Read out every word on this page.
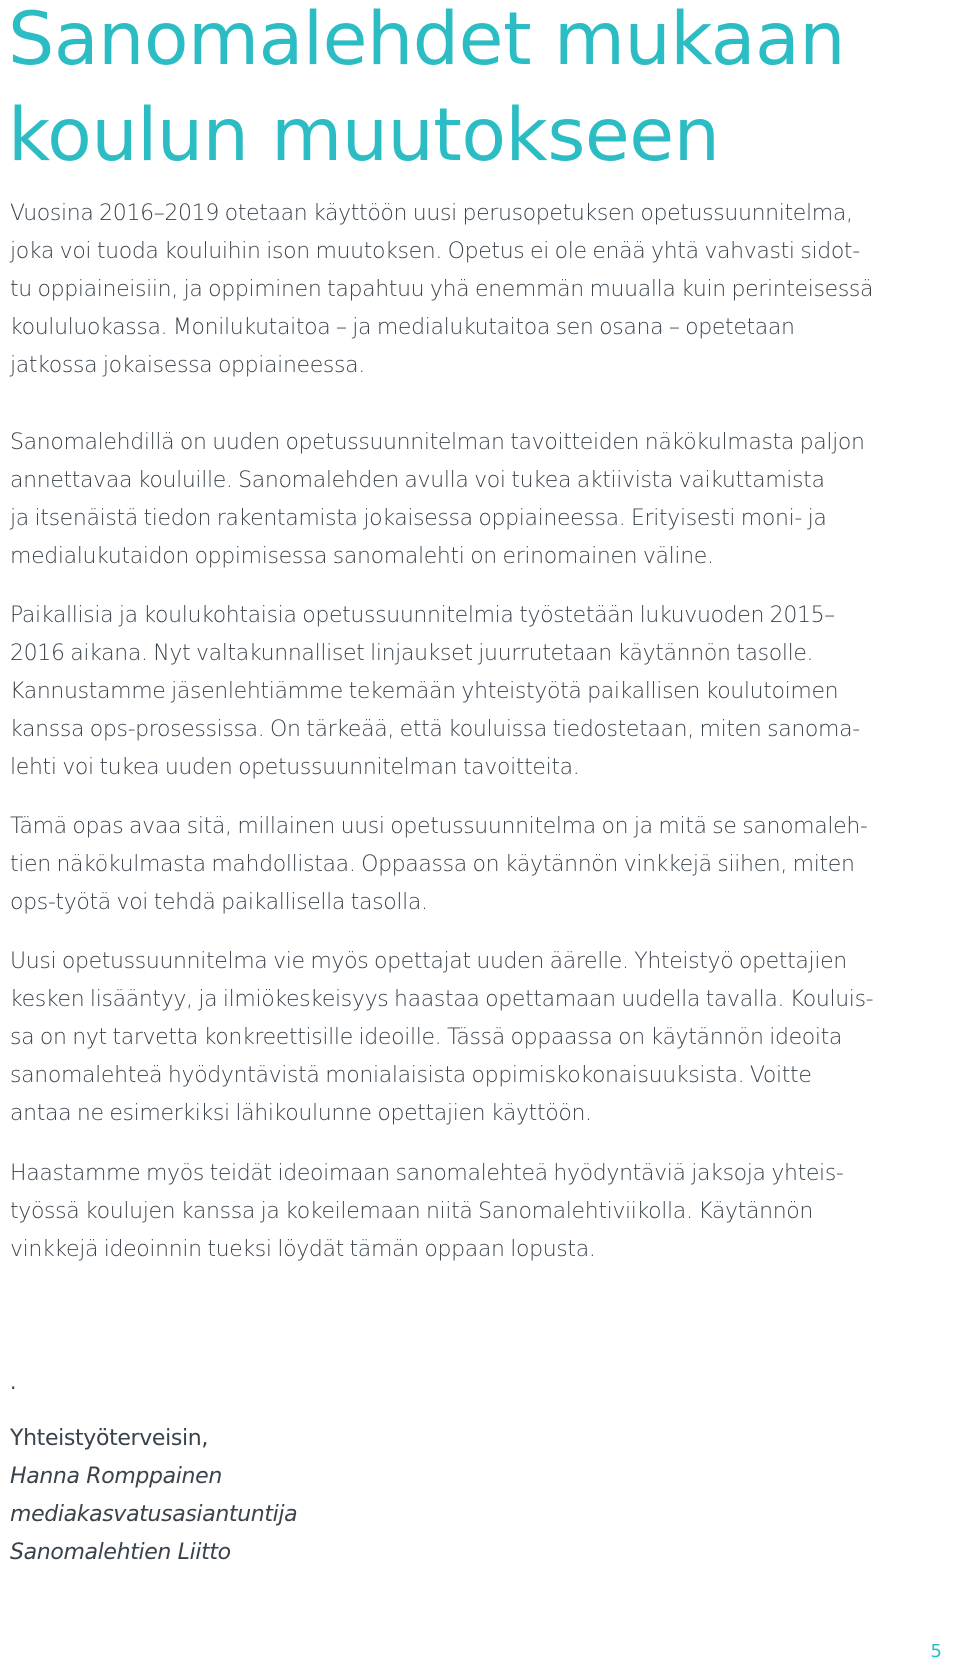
Sanomalehdet mukaan
koulun muutokseen
Vuosina 2016–2019 otetaan käyttöön uusi perusopetuksen opetussuunnitelma,
joka voi tuoda kouluihin ison muutoksen. Opetus ei ole enää yhtä vahvasti sidot-
tu oppiaineisiin, ja oppiminen tapahtuu yhä enemmän muualla kuin perinteisessä
koululuokassa. Monilukutaitoa – ja medialukutaitoa sen osana – opetetaan
jatkossa jokaisessa oppiaineessa.
Sanomalehdillä on uuden opetussuunnitelman tavoitteiden näkökulmasta paljon
annettavaa kouluille. Sanomalehden avulla voi tukea aktiivista vaikuttamista
ja itsenäistä tiedon rakentamista jokaisessa oppiaineessa. Erityisesti moni- ja
medialukutaidon oppimisessa sanomalehti on erinomainen väline.
Paikallisia ja koulukohtaisia opetussuunnitelmia työstetään lukuvuoden 2015–
2016 aikana. Nyt valtakunnalliset linjaukset juurrutetaan käytännön tasolle.
Kannustamme jäsenlehtiämme tekemään yhteistyötä paikallisen koulutoimen
kanssa ops-prosessissa. On tärkeää, että kouluissa tiedostetaan, miten sanoma-
lehti voi tukea uuden opetussuunnitelman tavoitteita.
Tämä opas avaa sitä, millainen uusi opetussuunnitelma on ja mitä se sanomaleh-
tien näkökulmasta mahdollistaa. Oppaassa on käytännön vinkkejä siihen, miten
ops-työtä voi tehdä paikallisella tasolla.
Uusi opetussuunnitelma vie myös opettajat uuden äärelle. Yhteistyö opettajien
kesken lisääntyy, ja ilmiökeskeisyys haastaa opettamaan uudella tavalla. Kouluis-
sa on nyt tarvetta konkreettisille ideoille. Tässä oppaassa on käytännön ideoita
sanomalehteä hyödyntävistä monialaisista oppimiskokonaisuuksista. Voitte
antaa ne esimerkiksi lähikoulunne opettajien käyttöön.
Haastamme myös teidät ideoimaan sanomalehteä hyödyntäviä jaksoja yhteis-
työssä koulujen kanssa ja kokeilemaan niitä Sanomalehtiviikolla. Käytännön
vinkkejä ideoinnin tueksi löydät tämän oppaan lopusta.
.
Yhteistyöterveisin,
Hanna Romppainen
mediakasvatusasiantuntija
Sanomalehtien Liitto
5
